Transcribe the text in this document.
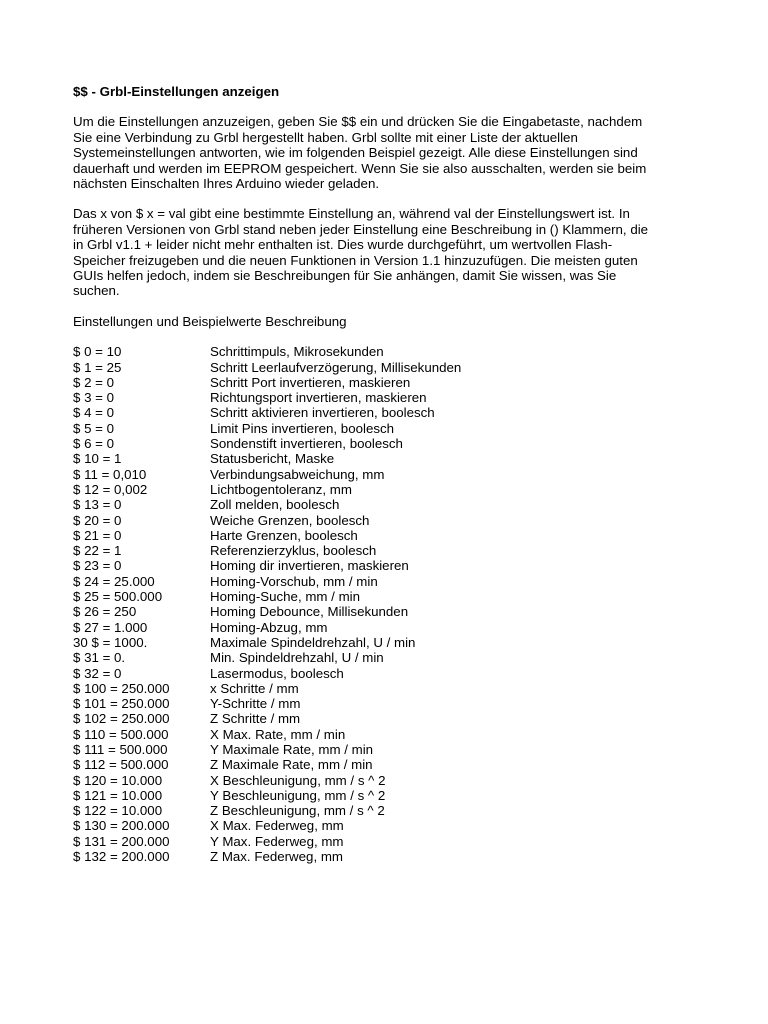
$$ - Grbl-Einstellungen anzeigen
Um die Einstellungen anzuzeigen, geben Sie $$ ein und drücken Sie die Eingabetaste, nachdem
Sie eine Verbindung zu Grbl hergestellt haben. Grbl sollte mit einer Liste der aktuellen
Systemeinstellungen antworten, wie im folgenden Beispiel gezeigt. Alle diese Einstellungen sind
dauerhaft und werden im EEPROM gespeichert. Wenn Sie sie also ausschalten, werden sie beim
nächsten Einschalten Ihres Arduino wieder geladen.
Das x von $ x = val gibt eine bestimmte Einstellung an, während val der Einstellungswert ist. In
früheren Versionen von Grbl stand neben jeder Einstellung eine Beschreibung in () Klammern, die
in Grbl v1.1 + leider nicht mehr enthalten ist. Dies wurde durchgeführt, um wertvollen Flash-
Speicher freizugeben und die neuen Funktionen in Version 1.1 hinzuzufügen. Die meisten guten
GUIs helfen jedoch, indem sie Beschreibungen für Sie anhängen, damit Sie wissen, was Sie
suchen.
Einstellungen und Beispielwerte Beschreibung
$ 0 = 10	Schrittimpuls, Mikrosekunden
$ 1 = 25	Schritt Leerlaufverzögerung, Millisekunden
$ 2 = 0	Schritt Port invertieren, maskieren
$ 3 = 0	Richtungsport invertieren, maskieren
$ 4 = 0	Schritt aktivieren invertieren, boolesch
$ 5 = 0	Limit Pins invertieren, boolesch
$ 6 = 0	Sondenstift invertieren, boolesch
$ 10 = 1	Statusbericht, Maske
$ 11 = 0,010	Verbindungsabweichung, mm
$ 12 = 0,002	Lichtbogentoleranz, mm
$ 13 = 0	Zoll melden, boolesch
$ 20 = 0	Weiche Grenzen, boolesch
$ 21 = 0	Harte Grenzen, boolesch
$ 22 = 1	Referenzierzyklus, boolesch
$ 23 = 0	Homing dir invertieren, maskieren
$ 24 = 25.000	Homing-Vorschub, mm / min
$ 25 = 500.000	Homing-Suche, mm / min
$ 26 = 250	Homing Debounce, Millisekunden
$ 27 = 1.000	Homing-Abzug, mm
30 $ = 1000.	Maximale Spindeldrehzahl, U / min
$ 31 = 0.	Min. Spindeldrehzahl, U / min
$ 32 = 0	Lasermodus, boolesch
$ 100 = 250.000	x Schritte / mm
$ 101 = 250.000	Y-Schritte / mm
$ 102 = 250.000	Z Schritte / mm
$ 110 = 500.000	X Max. Rate, mm / min
$ 111 = 500.000	Y Maximale Rate, mm / min
$ 112 = 500.000	Z Maximale Rate, mm / min
$ 120 = 10.000	X Beschleunigung, mm / s ^ 2
$ 121 = 10.000	Y Beschleunigung, mm / s ^ 2
$ 122 = 10.000	Z Beschleunigung, mm / s ^ 2
$ 130 = 200.000	X Max. Federweg, mm
$ 131 = 200.000	Y Max. Federweg, mm
$ 132 = 200.000	Z Max. Federweg, mm
